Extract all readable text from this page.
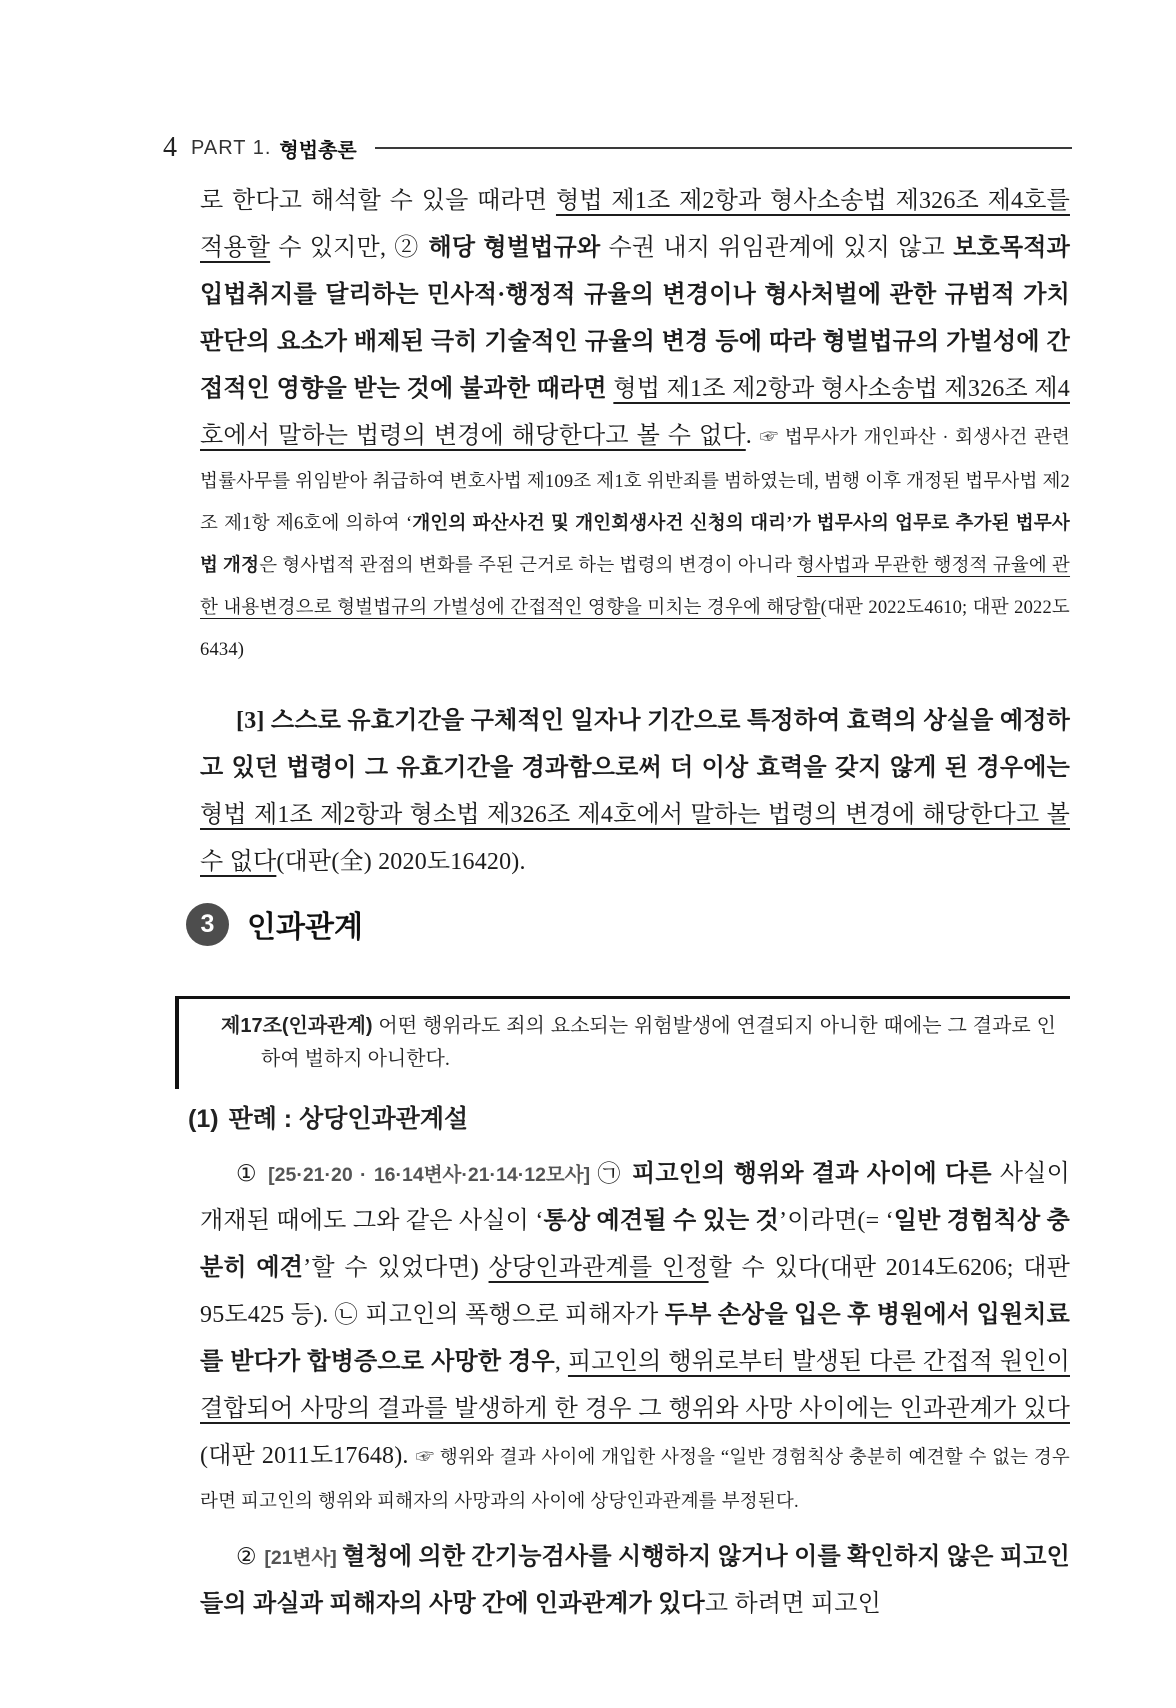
4 PART 1. 형법총론

로 한다고 해석할 수 있을 때라면 형법 제1조 제2항과 형사소송법 제326조 제4호를 적용할 수 있지만, ② 해당 형벌법규와 수권 내지 위임관계에 있지 않고 보호목적과 입법취지를 달리하는 민사적·행정적 규율의 변경이나 형사처벌에 관한 규범적 가치판단의 요소가 배제된 극히 기술적인 규율의 변경 등에 따라 형벌법규의 가벌성에 간접적인 영향을 받는 것에 불과한 때라면 형법 제1조 제2항과 형사소송법 제326조 제4호에서 말하는 법령의 변경에 해당한다고 볼 수 없다. ☞ 법무사가 개인파산 · 회생사건 관련 법률사무를 위임받아 취급하여 변호사법 제109조 제1호 위반죄를 범하였는데, 범행 이후 개정된 법무사법 제2조 제1항 제6호에 의하여 ‘개인의 파산사건 및 개인회생사건 신청의 대리’가 법무사의 업무로 추가된 법무사법 개정은 형사법적 관점의 변화를 주된 근거로 하는 법령의 변경이 아니라 형사법과 무관한 행정적 규율에 관한 내용변경으로 형벌법규의 가벌성에 간접적인 영향을 미치는 경우에 해당함(대판 2022도4610; 대판 2022도6434)

[3] 스스로 유효기간을 구체적인 일자나 기간으로 특정하여 효력의 상실을 예정하고 있던 법령이 그 유효기간을 경과함으로써 더 이상 효력을 갖지 않게 된 경우에는 형법 제1조 제2항과 형소법 제326조 제4호에서 말하는 법령의 변경에 해당한다고 볼 수 없다(대판(全) 2020도16420).

3	인과관계

제17조(인과관계) 어떤 행위라도 죄의 요소되는 위험발생에 연결되지 아니한 때에는 그 결과로 인하여 벌하지 아니한다.

(1) 판례 : 상당인과관계설

① [25·21·20 · 16·14변사·21·14·12모사] ㉠ 피고인의 행위와 결과 사이에 다른 사실이 개재된 때에도 그와 같은 사실이 ‘통상 예견될 수 있는 것’이라면(= ‘일반 경험칙상 충분히 예견’할 수 있었다면) 상당인과관계를 인정할 수 있다(대판 2014도6206; 대판 95도425 등). ㉡ 피고인의 폭행으로 피해자가 두부 손상을 입은 후 병원에서 입원치료를 받다가 합병증으로 사망한 경우, 피고인의 행위로부터 발생된 다른 간접적 원인이 결합되어 사망의 결과를 발생하게 한 경우 그 행위와 사망 사이에는 인과관계가 있다(대판 2011도17648). ☞ 행위와 결과 사이에 개입한 사정을 “일반 경험칙상 충분히 예견할 수 없는 경우라면 피고인의 행위와 피해자의 사망과의 사이에 상당인과관계를 부정된다.

② [21변사] 혈청에 의한 간기능검사를 시행하지 않거나 이를 확인하지 않은 피고인들의 과실과 피해자의 사망 간에 인과관계가 있다고 하려면 피고인
